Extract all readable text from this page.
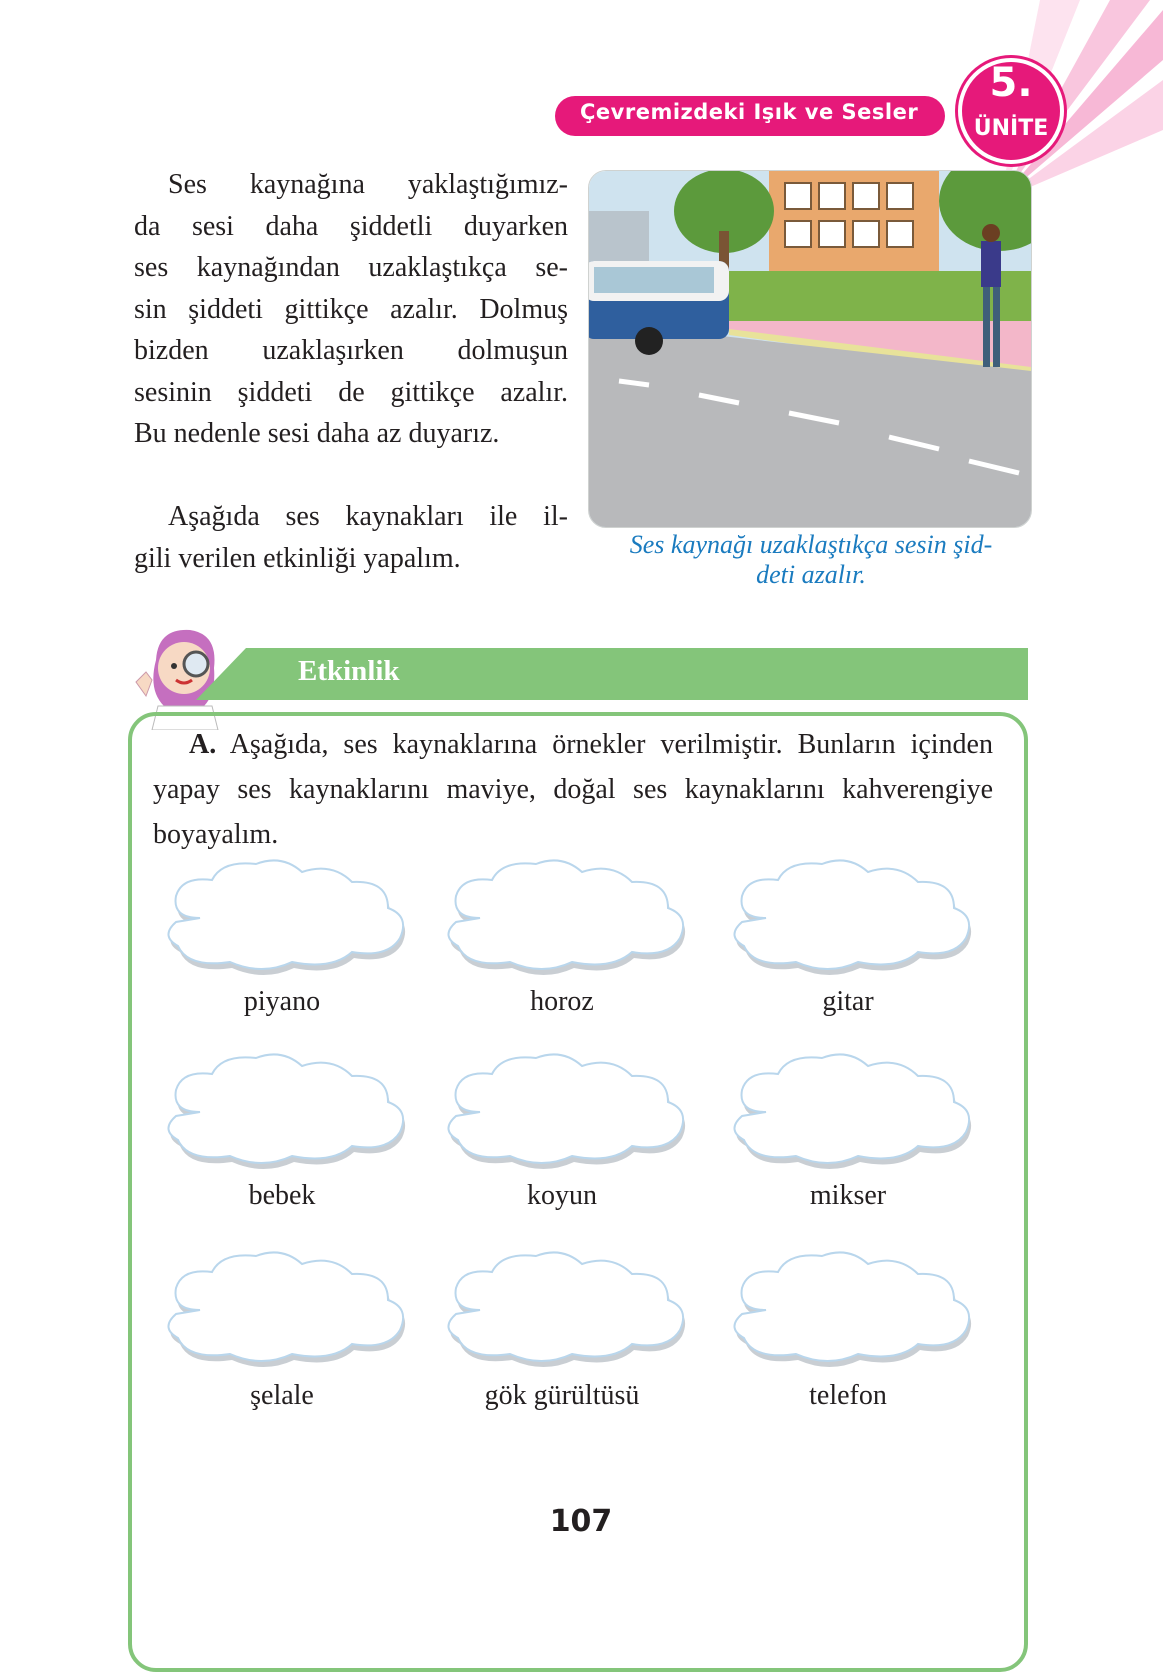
Çevremizdeki Işık ve Sesler
5.
ÜNİTE
Ses kaynağına yaklaştığımız-
da sesi daha şiddetli duyarken
ses kaynağından uzaklaştıkça se-
sin şiddeti gittikçe azalır. Dolmuş
bizden uzaklaşırken dolmuşun
sesinin şiddeti de gittikçe azalır.
Bu nedenle sesi daha az duyarız.
Aşağıda ses kaynakları ile il-
gili verilen etkinliği yapalım.	Ses kaynağı uzaklaştıkça sesin şid-
deti azalır.
Etkinlik
A. Aşağıda, ses kaynaklarına örnekler verilmiştir. Bunların içinden yapay ses kaynaklarını maviye, doğal ses kaynaklarını kahverengiye boyayalım.
piyano	horoz	gitar
bebek	koyun	mikser
şelale	gök gürültüsü	telefon
107
